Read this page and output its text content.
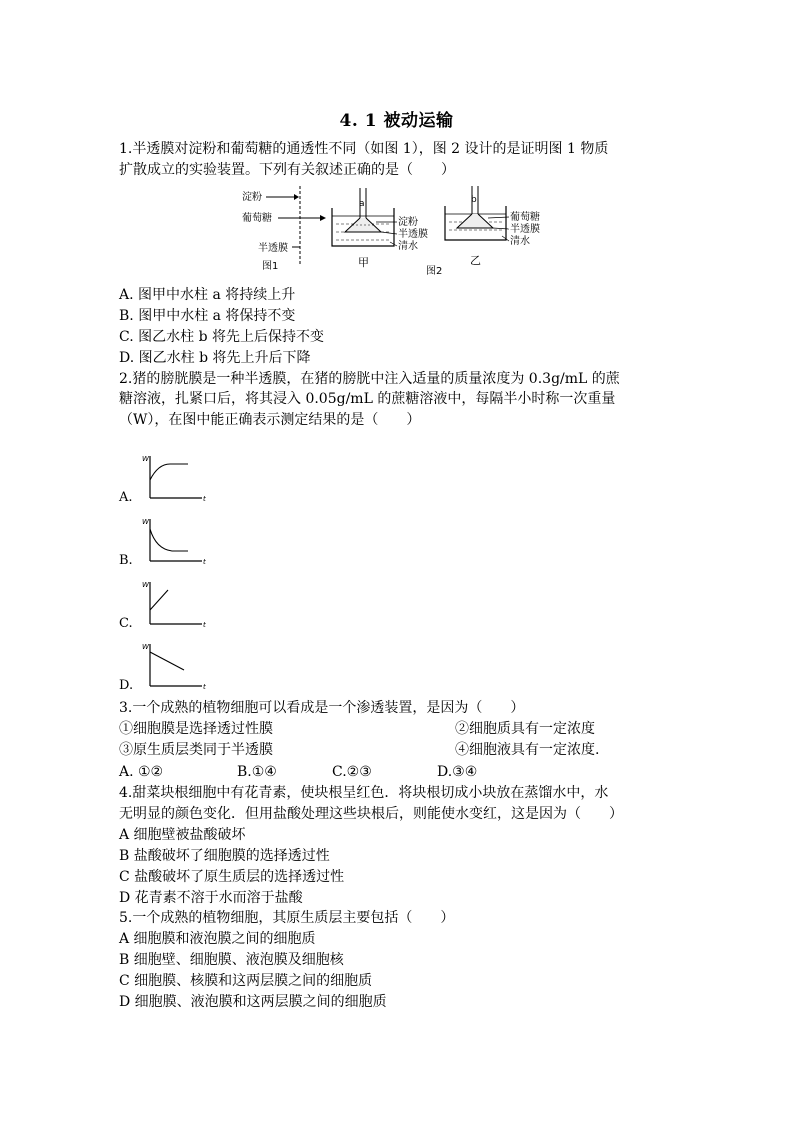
4. 1 被动运输
1.半透膜对淀粉和葡萄糖的通透性不同（如图 1），图 2 设计的是证明图 1 物质
扩散成立的实验装置。下列有关叙述正确的是（　　）
淀粉
葡萄糖
半透膜
图1
a
淀粉
半透膜
清水
甲
图2
b
葡萄糖
半透膜
清水
乙
A. 图甲中水柱 a 将持续上升
B. 图甲中水柱 a 将保持不变
C. 图乙水柱 b 将先上后保持不变
D. 图乙水柱 b 将先上升后下降
2.猪的膀胱膜是一种半透膜，在猪的膀胱中注入适量的质量浓度为 0.3g/mL 的蔗
糖溶液，扎紧口后，将其浸入 0.05g/mL 的蔗糖溶液中，每隔半小时称一次重量
（W），在图中能正确表示测定结果的是（　　）
A.
W
t
B.
W
t
C.
W
t
D.
W
t
3.一个成熟的植物细胞可以看成是一个渗透装置，是因为（　　）
①细胞膜是选择透过性膜	②细胞质具有一定浓度
③原生质层类同于半透膜	④细胞液具有一定浓度.
A. ①②	B.①④	C.②③	D.③④
4.甜菜块根细胞中有花青素，使块根呈红色．将块根切成小块放在蒸馏水中，水
无明显的颜色变化．但用盐酸处理这些块根后，则能使水变红，这是因为（　　）
A 细胞壁被盐酸破坏
B 盐酸破坏了细胞膜的选择透过性
C 盐酸破坏了原生质层的选择透过性
D 花青素不溶于水而溶于盐酸
5.一个成熟的植物细胞，其原生质层主要包括（　　）
A 细胞膜和液泡膜之间的细胞质
B 细胞壁、细胞膜、液泡膜及细胞核
C 细胞膜、核膜和这两层膜之间的细胞质
D 细胞膜、液泡膜和这两层膜之间的细胞质
